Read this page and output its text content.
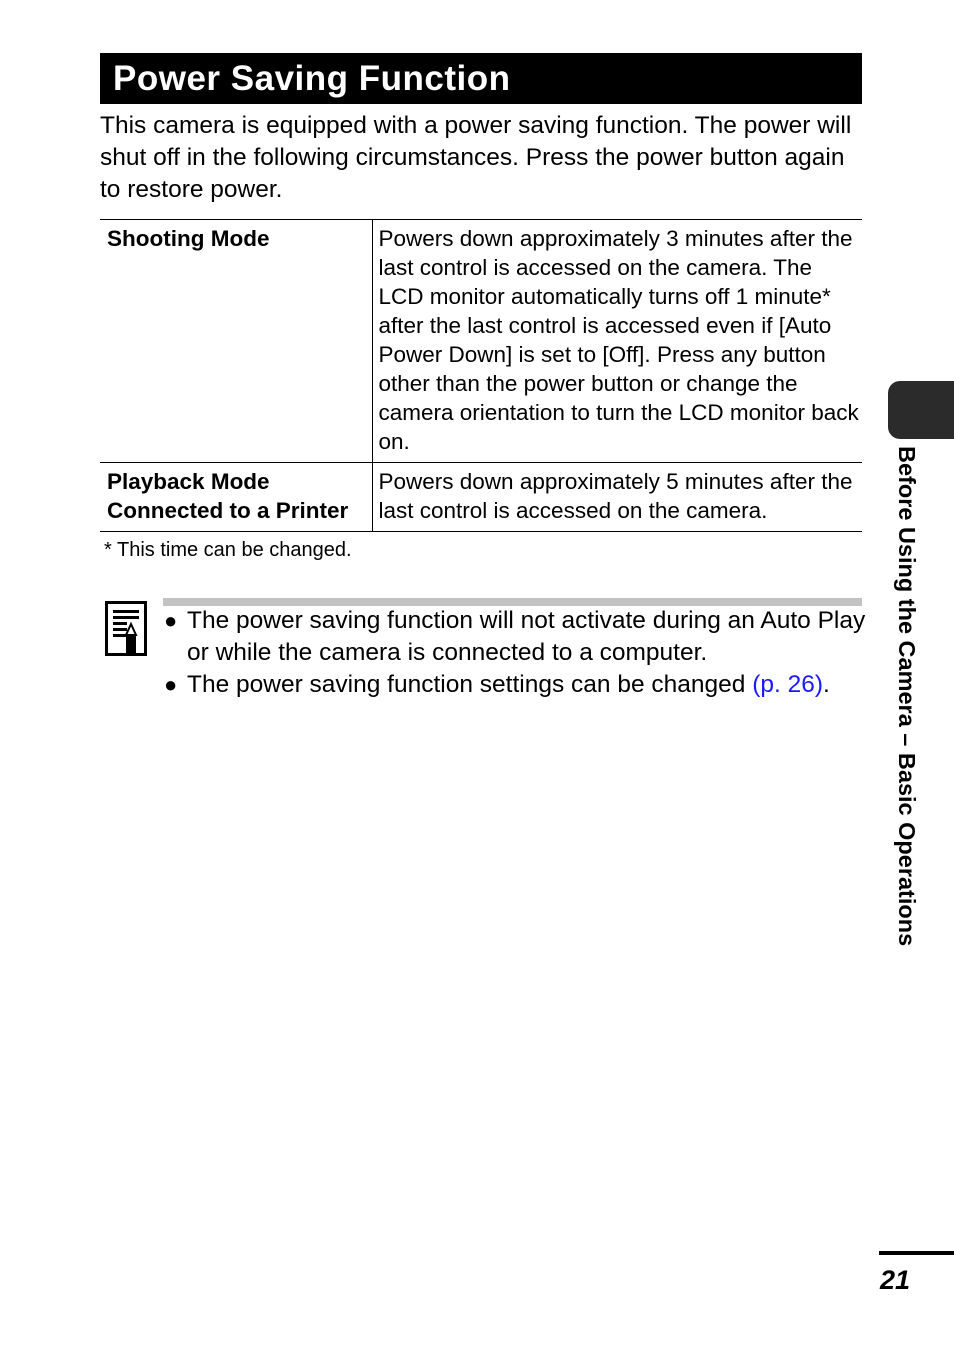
Power Saving Function

This camera is equipped with a power saving function. The power will shut off in the following circumstances. Press the power button again to restore power.

Shooting Mode	Powers down approximately 3 minutes after the last control is accessed on the camera. The LCD monitor automatically turns off 1 minute* after the last control is accessed even if [Auto Power Down] is set to [Off]. Press any button other than the power button or change the camera orientation to turn the LCD monitor back on.

Playback Mode
Connected to a Printer	Powers down approximately 5 minutes after the last control is accessed on the camera.
* This time can be changed.
● The power saving function will not activate during an Auto Play or while the camera is connected to a computer.
● The power saving function settings can be changed (p. 26).	Before Using the Camera – Basic Operations
21
